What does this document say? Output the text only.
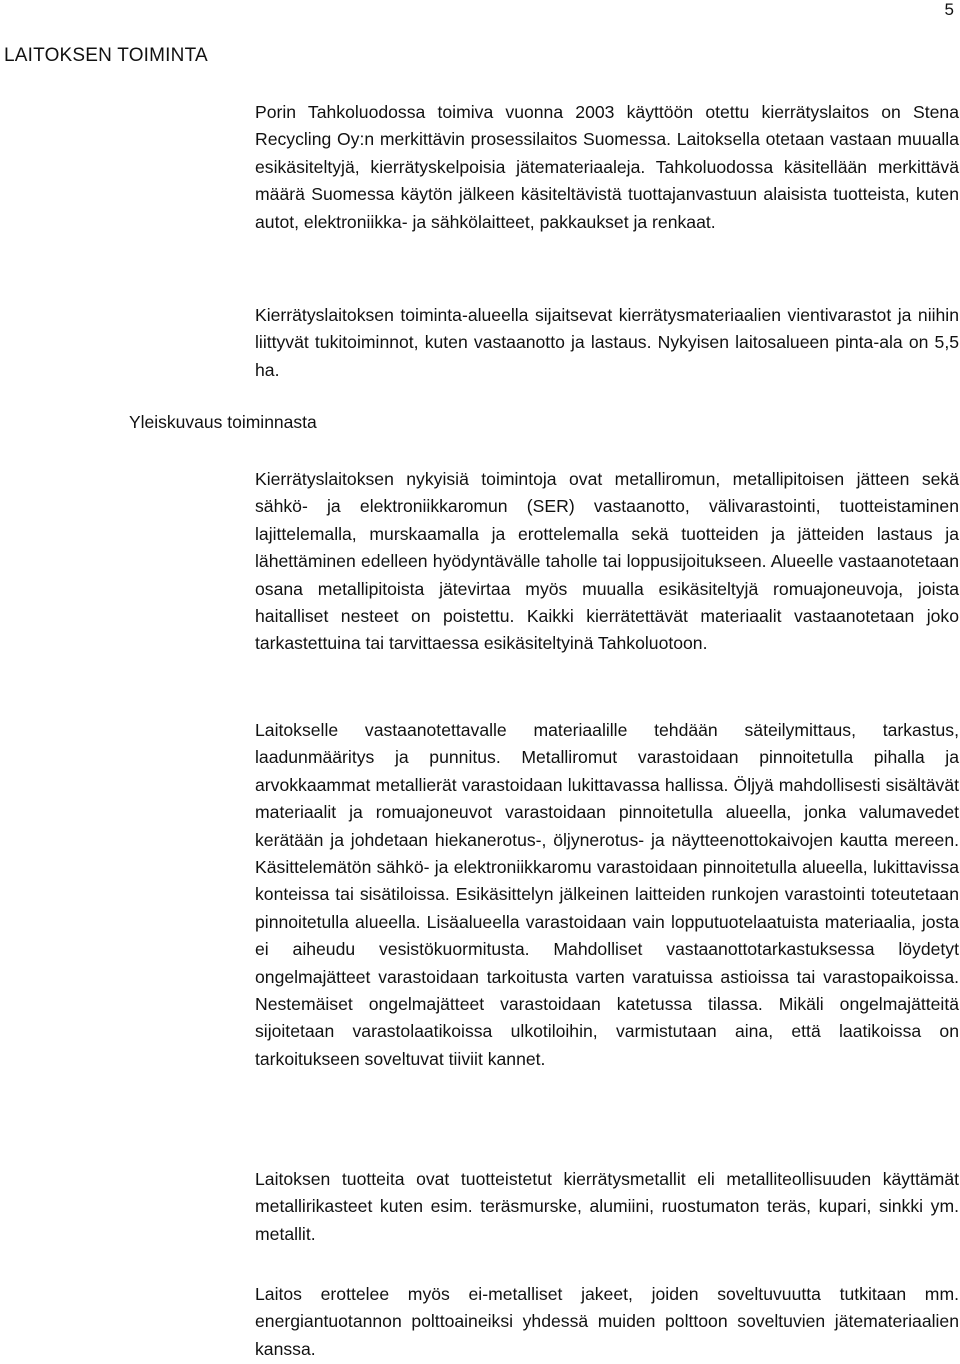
5
LAITOKSEN TOIMINTA
Yleiskuvaus toiminnasta

Porin Tahkoluodossa toimiva vuonna 2003 käyttöön otettu kierrätyslaitos on Stena Recycling Oy:n merkittävin prosessilaitos Suomessa. Laitoksella otetaan vastaan muualla esikäsiteltyjä, kierrätyskelpoisia jätemateriaaleja. Tahkoluodossa käsitellään merkittävä määrä Suomessa käytön jälkeen käsiteltävistä tuottajanvastuun alaisista tuotteista, kuten autot, elektroniikka- ja sähkölaitteet, pakkaukset ja renkaat.

Kierrätyslaitoksen toiminta-alueella sijaitsevat kierrätysmateriaalien vientivarastot ja niihin liittyvät tukitoiminnot, kuten vastaanotto ja lastaus. Nykyisen laitosalueen pinta-ala on 5,5 ha.

Kierrätyslaitoksen nykyisiä toimintoja ovat metalliromun, metallipitoisen jätteen sekä sähkö- ja elektroniikkaromun (SER) vastaanotto, välivarastointi, tuotteistaminen lajittelemalla, murskaamalla ja erottelemalla sekä tuotteiden ja jätteiden lastaus ja lähettäminen edelleen hyödyntävälle taholle tai loppusijoitukseen. Alueelle vastaanotetaan osana metallipitoista jätevirtaa myös muualla esikäsiteltyjä romuajoneuvoja, joista haitalliset nesteet on poistettu. Kaikki kierrätettävät materiaalit vastaanotetaan joko tarkastettuina tai tarvittaessa esikäsiteltyinä Tahkoluotoon.

Laitokselle vastaanotettavalle materiaalille tehdään säteilymittaus, tarkastus, laadunmääritys ja punnitus. Metalliromut varastoidaan pinnoitetulla pihalla ja arvokkaammat metallierät varastoidaan lukittavassa hallissa. Öljyä mahdollisesti sisältävät materiaalit ja romuajoneuvot varastoidaan pinnoitetulla alueella, jonka valumavedet kerätään ja johdetaan hiekanerotus-, öljynerotus- ja näytteenottokaivojen kautta mereen. Käsittelemätön sähkö- ja elektroniikkaromu varastoidaan pinnoitetulla alueella, lukittavissa konteissa tai sisätiloissa. Esikäsittelyn jälkeinen laitteiden runkojen varastointi toteutetaan pinnoitetulla alueella. Lisäalueella varastoidaan vain lopputuotelaatuista materiaalia, josta ei aiheudu vesistökuormitusta. Mahdolliset vastaanottotarkastuksessa löydetyt ongelmajätteet varastoidaan tarkoitusta varten varatuissa astioissa tai varastopaikoissa. Nestemäiset ongelmajätteet varastoidaan katetussa tilassa. Mikäli ongelmajätteitä sijoitetaan varastolaatikoissa ulkotiloihin, varmistutaan aina, että laatikoissa on tarkoitukseen soveltuvat tiiviit kannet.

Laitoksen tuotteita ovat tuotteistetut kierrätysmetallit eli metalliteollisuuden käyttämät metallirikasteet kuten esim. teräsmurske, alumiini, ruostumaton teräs, kupari, sinkki ym. metallit.

Laitos erottelee myös ei-metalliset jakeet, joiden soveltuvuutta tutkitaan mm. energiantuotannon polttoaineiksi yhdessä muiden polttoon soveltuvien jätemateriaalien kanssa.
